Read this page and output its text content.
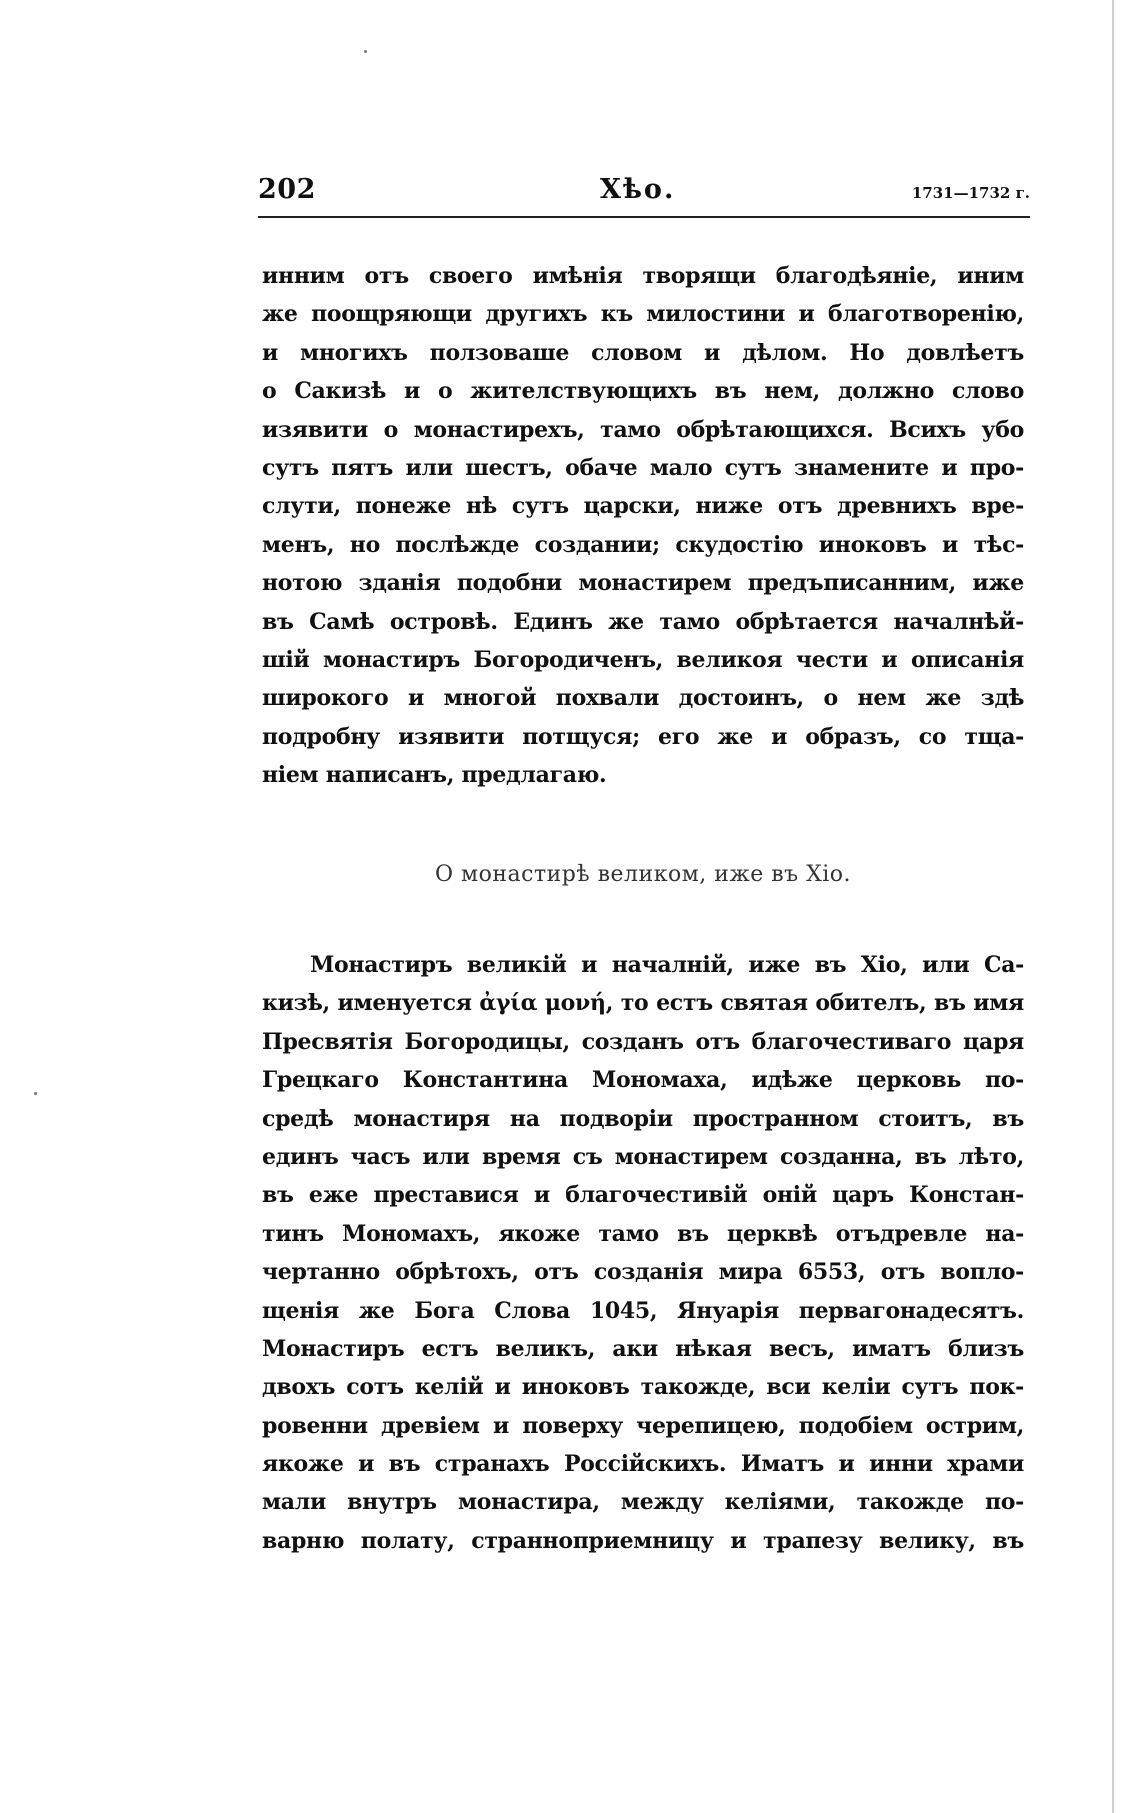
202	Хѣо.	1731—1732 г.
инним отъ своего имѣнія творящи благодѣяніе, иним
же поощряющи другихъ къ милостини и благотворенію,
и многихъ ползоваше словом и дѣлом. Но довлѣетъ
о Сакизѣ и о жителствующихъ въ нем, должно слово
изявити о монастирехъ, тамо обрѣтающихся. Всихъ убо
сутъ пятъ или шестъ, обаче мало сутъ знамените и про-
слути, понеже нѣ сутъ царски, ниже отъ древнихъ вре-
менъ, но послѣжде создании; скудостію иноковъ и тѣс-
нотою зданія подобни монастирем предъписанним, иже
въ Самѣ островѣ. Единъ же тамо обрѣтается началнѣй-
шій монастиръ Богородиченъ, великоя чести и описанія
широкого и многой похвали достоинъ, о нем же здѣ
подробну изявити потщуся; его же и образъ, со тща-
ніем написанъ, предлагаю.
О монастирѣ великом, иже въ Хіо.
Монастиръ великій и началній, иже въ Хіо, или Са-
кизѣ, именуется ἀγία μονή, то естъ святая обителъ, въ имя
Пресвятія Богородицы, созданъ отъ благочестиваго царя
Грецкаго Константина Мономаха, идѣже церковь по-
средѣ монастиря на подворіи пространном стоитъ, въ
единъ часъ или время съ монастирем созданна, въ лѣто,
въ еже преставися и благочестивій оній царъ Констан-
тинъ Мономахъ, якоже тамо въ церквѣ отъдревле на-
чертанно обрѣтохъ, отъ созданія мира 6553, отъ вопло-
щенія же Бога Слова 1045, Януарія первагонадесятъ.
Монастиръ естъ великъ, аки нѣкая весъ, иматъ близъ
двохъ сотъ келій и иноковъ такожде, вси келіи сутъ пок-
ровенни древіем и поверху черепицею, подобіем острим,
якоже и въ странахъ Россійскихъ. Иматъ и инни храми
мали внутръ монастира, между келіями, такожде по-
варню полату, странноприемницу и трапезу велику, въ
